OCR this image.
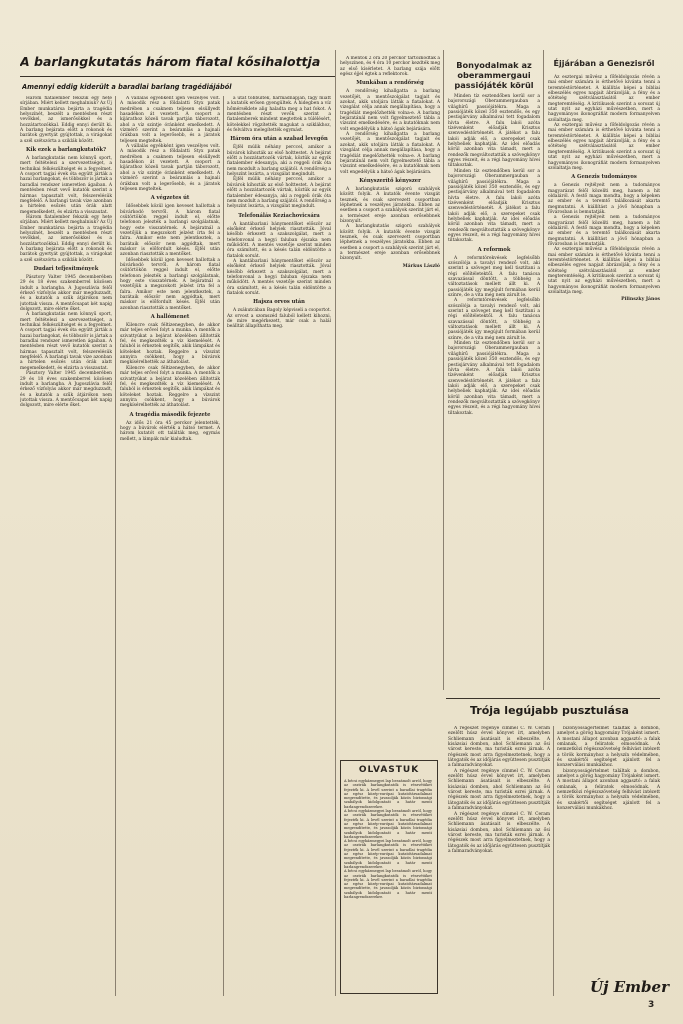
A barlangkutatás három fiatal kősihalottja
Amennyi eddig kiderült a baradlai barlang tragédiájából

Három fiatalember fekszik egy hete sírjában. Miért kellett meghalniuk? Az Új Ember munkatársa bejárta a tragédia helyszínét, beszélt a mentésben részt vevőkkel, az ismerősökkel és a hozzátartozókkal. Eddig ennyi derült ki. A barlang bejárata előtt a rokonok és barátok gyertyát gyújtottak, a virágokat a szél szétszórta a sziklák között.

Kik ezek a barlangkutatók?

A barlangkutatás nem könnyű sport, mert feltételezi a szervezettséget, a technikai felkészültséget és a fegyelmet. A csoport tagjai évek óta együtt járták a hazai barlangokat, és többször is jártak a baradlai rendszer ismeretlen ágaiban. A mentésben részt vevő kutatók szerint a hármas tapasztalt volt, felszerelésük megfelelő. A barlangi tavak vize azonban a hirtelen esőzés után órák alatt megemelkedett, és elzárta a visszautat.

Három fiatalember fekszik egy hete sírjában. Miért kellett meghalniuk? Az Új Ember munkatársa bejárta a tragédia helyszínét, beszélt a mentésben részt vevőkkel, az ismerősökkel és a hozzátartozókkal. Eddig ennyi derült ki. A barlang bejárata előtt a rokonok és barátok gyertyát gyújtottak, a virágokat a szél szétszórta a sziklák között.

Dudari tefjesítmények

Pásztory Valter 1945 decemberében 29 és 18 éves szakemberrel közösen indult a barlangba. A Jugoszlávia felől érkező vízfolyás akkor már megduzzadt, és a kutatók a szűk átjárókon nem jutottak vissza. A mentőcsapat két napig dolgozott, mire elérte őket.

A barlangkutatás nem könnyű sport, mert feltételezi a szervezettséget, a technikai felkészültséget és a fegyelmet. A csoport tagjai évek óta együtt járták a hazai barlangokat, és többször is jártak a baradlai rendszer ismeretlen ágaiban. A mentésben részt vevő kutatók szerint a hármas tapasztalt volt, felszerelésük megfelelő. A barlangi tavak vize azonban a hirtelen esőzés után órák alatt megemelkedett, és elzárta a visszautat.

Pásztory Valter 1945 decemberében 29 és 18 éves szakemberrel közösen indult a barlangba. A Jugoszlávia felől érkező vízfolyás akkor már megduzzadt, és a kutatók a szűk átjárókon nem jutottak vissza. A mentőcsapat két napig dolgozott, mire elérte őket.

A vállalás egyébként igen veszélyes volt. A második rész a földalatti Styx patak medrében a csaknem teljesen elsüllyedt hasadékon át vezetett. A csoport a kijárathoz közeli tavak partján táborozott, ahol a víz szintje óránként emelkedett. A vízmérő szerint a beáramlás a hajnali órákban volt a legerősebb, és a járatok teljesen megteltek.

A vállalás egyébként igen veszélyes volt. A második rész a földalatti Styx patak medrében a csaknem teljesen elsüllyedt hasadékon át vezetett. A csoport a kijárathoz közeli tavak partján táborozott, ahol a víz szintje óránként emelkedett. A vízmérő szerint a beáramlás a hajnali órákban volt a legerősebb, és a járatok teljesen megteltek.

A végzetes út

Idősebbek közül igen keveset hallottak a búvárkodó tervről. A három fiatal csütörtökön reggel indult el, előtte telefonon jelezték a barlangi szolgálatnak, hogy este visszatérnek. A bejáratnál a vezetőjük a megszokott jelzést írta fel a falra. Amikor este nem jelentkeztek, a barátaik először nem aggódtak, mert máskor is előfordult késés. Éjfél után azonban riasztották a mentőket.

Idősebbek közül igen keveset hallottak a búvárkodó tervről. A három fiatal csütörtökön reggel indult el, előtte telefonon jelezték a barlangi szolgálatnak, hogy este visszatérnek. A bejáratnál a vezetőjük a megszokott jelzést írta fel a falra. Amikor este nem jelentkeztek, a barátaik először nem aggódtak, mert máskor is előfordult késés. Éjfél után azonban riasztották a mentőket.

A hallómenet

Kilencre csak féltizenegyben, de akkor már teljes erővel folyt a munka. A mentők a szivattyúkat a bejárat közelében állították fel, és megkezdték a víz kiemelését. A faluból is érkeztek segítők, akik lámpákat és köteleket hoztak. Reggelre a vízszint annyira csökkent, hogy a búvárok megkísérelhették az áthatolást.

Kilencre csak féltizenegyben, de akkor már teljes erővel folyt a munka. A mentők a szivattyúkat a bejárat közelében állították fel, és megkezdték a víz kiemelését. A faluból is érkeztek segítők, akik lámpákat és köteleket hoztak. Reggelre a vízszint annyira csökkent, hogy a búvárok megkísérelhették az áthatolást.

A tragédia második fejezete

Az idős 21 óra 45 perckor jelentették, hogy a búvárok elérték a hátsó termet. A három kutatót ott találták meg, egymás mellett, a lámpák már kialudtak.

a utat többültek, harmadnapján, fagy miatt a kutatók erősen gyengültek. A hidegben a víz hőmérséklete alig haladta meg a hat fokot. A mentésben részt vevők szerint a fiatalemberek mindent megtettek a túlélésért, kötelekkel rögzítették magukat a sziklákhoz, és felváltva melegítették egymást.

Három óra után a szabad levegőn

Éjfél múlik néhány perccel, amikor a búvárok kihozták az első holttestet. A bejárat előtt a hozzátartozók vártak, köztük az egyik fiatalember édesanyja, aki a reggeli órák óta nem mozdult a barlang szájától. A rendőrség a helyszínt lezárta, a vizsgálat megindult.

Éjfél múlik néhány perccel, amikor a búvárok kihozták az első holttestet. A bejárat előtt a hozzátartozók vártak, köztük az egyik fiatalember édesanyja, aki a reggeli órák óta nem mozdult a barlang szájától. A rendőrség a helyszínt lezárta, a vizsgálat megindult.

Telefonálás Keziachovicsára

A kantábarlani bánymentőket először az elsőként érkező helyiek riasztották. Jóval később érkezett a szakszolgálat, mert a telefonvonal a hegyi faluban éjszaka nem működött. A mentés vezetője szerint minden óra számított, és a késés talán eldöntötte a fiatalok sorsát.

A kantábarlani bánymentőket először az elsőként érkező helyiek riasztották. Jóval később érkezett a szakszolgálat, mert a telefonvonal a hegyi faluban éjszaka nem működött. A mentés vezetője szerint minden óra számított, és a késés talán eldöntötte a fiatalok sorsát.

Hajsza orvos után

A zsákutcában Bagoly képviseli a csoportot. Az orvost a szomszéd faluból kellett kihozni, de mire megérkezett, már csak a halál beálltát állapíthatta meg.

A mentők 2 óra 20 perckor tartózkodtak a helyszínen, és 4 óra 10 perckor kezdték meg az első kísérletet. A barlang szája előtt egész éjjel égtek a reflektorok.

Munkában a rendőrség

A rendőrség kihallgatta a barlang vezetőjét, a mentőszolgálat tagjait és azokat, akik utoljára látták a fiatalokat. A vizsgálat célja annak megállapítása, hogy a tragédiát megelőzhették volna-e. A barlang bejáratánál nem volt figyelmeztető tábla a vízszint emelkedésére, és a kutatóknak nem volt engedélyük a hátsó ágak bejárására.

A rendőrség kihallgatta a barlang vezetőjét, a mentőszolgálat tagjait és azokat, akik utoljára látták a fiatalokat. A vizsgálat célja annak megállapítása, hogy a tragédiát megelőzhették volna-e. A barlang bejáratánál nem volt figyelmeztető tábla a vízszint emelkedésére, és a kutatóknak nem volt engedélyük a hátsó ágak bejárására.

Kényszerítő kényszer

A barlangkutatás szigorú szabályok között folyik. A kutatók évente vizsgát tesznek, és csak szervezett csoportban léphetnek a veszélyes járatokba. Ebben az esetben a csoport a szabályok szerint járt el, a természet ereje azonban erősebbnek bizonyult.

A barlangkutatás szigorú szabályok között folyik. A kutatók évente vizsgát tesznek, és csak szervezett csoportban léphetnek a veszélyes járatokba. Ebben az esetben a csoport a szabályok szerint járt el, a természet ereje azonban erősebbnek bizonyult.

Márkus László

OLVASTUK

A bécsi egyházmegyei lap beszámolt arról, hogy az osztrák barlangkutatók is részvétüket fejezték ki. A levél szerint a baradlai tragédia az egész közép-európai kutatótársadalmat megrendítette, és javasolják közös biztonsági szabályok kidolgozását a határ menti barlangrendszerekre.

A bécsi egyházmegyei lap beszámolt arról, hogy az osztrák barlangkutatók is részvétüket fejezték ki. A levél szerint a baradlai tragédia az egész közép-európai kutatótársadalmat megrendítette, és javasolják közös biztonsági szabályok kidolgozását a határ menti barlangrendszerekre.

A bécsi egyházmegyei lap beszámolt arról, hogy az osztrák barlangkutatók is részvétüket fejezték ki. A levél szerint a baradlai tragédia az egész közép-európai kutatótársadalmat megrendítette, és javasolják közös biztonsági szabályok kidolgozását a határ menti barlangrendszerekre.

A bécsi egyházmegyei lap beszámolt arról, hogy az osztrák barlangkutatók is részvétüket fejezték ki. A levél szerint a baradlai tragédia az egész közép-európai kutatótársadalmat megrendítette, és javasolják közös biztonsági szabályok kidolgozását a határ menti barlangrendszerekre.

Bonyodalmak az oberammergaui passiójáték körül

Minden tíz esztendőben kerül sor a bajorországi Oberammergauban a világhírű passiójátékra. Maga a passiójáték közel 350 esztendős, és egy pestisjárvány alkalmával tett fogadalom hívta életre. A falu lakói azóta tízévenként előadják Krisztus szenvedéstörténetét. A játékot a falu lakói adják elő, a szerepeket csak helybeliek kaphatják. Az idei előadás körül azonban vita támadt, mert a rendezők megváltoztatták a szövegkönyv egyes részeit, és a régi hagyomány hívei tiltakoztak.

Minden tíz esztendőben kerül sor a bajorországi Oberammergauban a világhírű passiójátékra. Maga a passiójáték közel 350 esztendős, és egy pestisjárvány alkalmával tett fogadalom hívta életre. A falu lakói azóta tízévenként előadják Krisztus szenvedéstörténetét. A játékot a falu lakói adják elő, a szerepeket csak helybeliek kaphatják. Az idei előadás körül azonban vita támadt, mert a rendezők megváltoztatták a szövegkönyv egyes részeit, és a régi hagyomány hívei tiltakoztak.

A reformok

A reformtörekvések legfelsőbb szószólója a tavalyi rendező volt, aki szerint a szöveget meg kell tisztítani a régi előítéletektől. A falu tanácsa szavazással döntött, a többség a változtatások mellett állt ki. A passiójáték így megújult formában kerül színre, de a vita még nem zárult le.

A reformtörekvések legfelsőbb szószólója a tavalyi rendező volt, aki szerint a szöveget meg kell tisztítani a régi előítéletektől. A falu tanácsa szavazással döntött, a többség a változtatások mellett állt ki. A passiójáték így megújult formában kerül színre, de a vita még nem zárult le.

Minden tíz esztendőben kerül sor a bajorországi Oberammergauban a világhírű passiójátékra. Maga a passiójáték közel 350 esztendős, és egy pestisjárvány alkalmával tett fogadalom hívta életre. A falu lakói azóta tízévenként előadják Krisztus szenvedéstörténetét. A játékot a falu lakói adják elő, a szerepeket csak helybeliek kaphatják. Az idei előadás körül azonban vita támadt, mert a rendezők megváltoztatták a szövegkönyv egyes részeit, és a régi hagyomány hívei tiltakoztak.

Éjjárában a Genezisről

Az esztergai művész a főfeldolgozás révén a mai ember számára is érthetővé kívánta tenni a teremtéstörténetet. A kiállítás képei a bibliai elbeszélés egyes napjait ábrázolják, a fény és a sötétség szétválasztásától az ember megteremtéséig. A kritikusok szerint a sorozat új utat nyit az egyházi művészetben, mert a hagyományos ikonográfiát modern formanyelven szólaltatja meg.

Az esztergai művész a főfeldolgozás révén a mai ember számára is érthetővé kívánta tenni a teremtéstörténetet. A kiállítás képei a bibliai elbeszélés egyes napjait ábrázolják, a fény és a sötétség szétválasztásától az ember megteremtéséig. A kritikusok szerint a sorozat új utat nyit az egyházi művészetben, mert a hagyományos ikonográfiát modern formanyelven szólaltatja meg.

A Genezis tudományos

a Genezis rejtélyeit nem a tudományos magyarázat felől közelíti meg, hanem a hit oldaláról. A festő maga mondta, hogy a képeken az ember és a teremtő találkozását akarta megmutatni. A kiállítást a jövő hónapban a fővárosban is bemutatják.

a Genezis rejtélyeit nem a tudományos magyarázat felől közelíti meg, hanem a hit oldaláról. A festő maga mondta, hogy a képeken az ember és a teremtő találkozását akarta megmutatni. A kiállítást a jövő hónapban a fővárosban is bemutatják.

Az esztergai művész a főfeldolgozás révén a mai ember számára is érthetővé kívánta tenni a teremtéstörténetet. A kiállítás képei a bibliai elbeszélés egyes napjait ábrázolják, a fény és a sötétség szétválasztásától az ember megteremtéséig. A kritikusok szerint a sorozat új utat nyit az egyházi művészetben, mert a hagyományos ikonográfiát modern formanyelven szólaltatja meg.

Pilinszky János

Trója legújabb pusztulása

A régészet regénye címmel C. W. Ceram ezelőtt húsz évvel könyvet írt, amelyben Schliemann ásatásait is elbeszélte. A kisázsiai dombon, ahol Schliemann az ősi várost kereste, ma turisták ezrei járnak. A régészek most arra figyelmeztetnek, hogy a látogatók és az időjárás együttesen pusztítják a falmaradványokat.

A régészet regénye címmel C. W. Ceram ezelőtt húsz évvel könyvet írt, amelyben Schliemann ásatásait is elbeszélte. A kisázsiai dombon, ahol Schliemann az ősi várost kereste, ma turisták ezrei járnak. A régészek most arra figyelmeztetnek, hogy a látogatók és az időjárás együttesen pusztítják a falmaradványokat.

A régészet regénye címmel C. W. Ceram ezelőtt húsz évvel könyvet írt, amelyben Schliemann ásatásait is elbeszélte. A kisázsiai dombon, ahol Schliemann az ősi várost kereste, ma turisták ezrei járnak. A régészek most arra figyelmeztetnek, hogy a látogatók és az időjárás együttesen pusztítják a falmaradványokat.

bizonyosságértelmet találtak a dombon, amelyet a görög hagyomány Trójaként ismert. A mostani állapot azonban aggasztó: a falak omlanak, a feliratok elmosódnak. A nemzetközi régészszövetség felhívást intézett a török kormányhoz a helyszín védelmében, és szakértői segítséget ajánlott fel a konzerválási munkákhoz.

bizonyosságértelmet találtak a dombon, amelyet a görög hagyomány Trójaként ismert. A mostani állapot azonban aggasztó: a falak omlanak, a feliratok elmosódnak. A nemzetközi régészszövetség felhívást intézett a török kormányhoz a helyszín védelmében, és szakértői segítséget ajánlott fel a konzerválási munkákhoz.

Új Ember
3
